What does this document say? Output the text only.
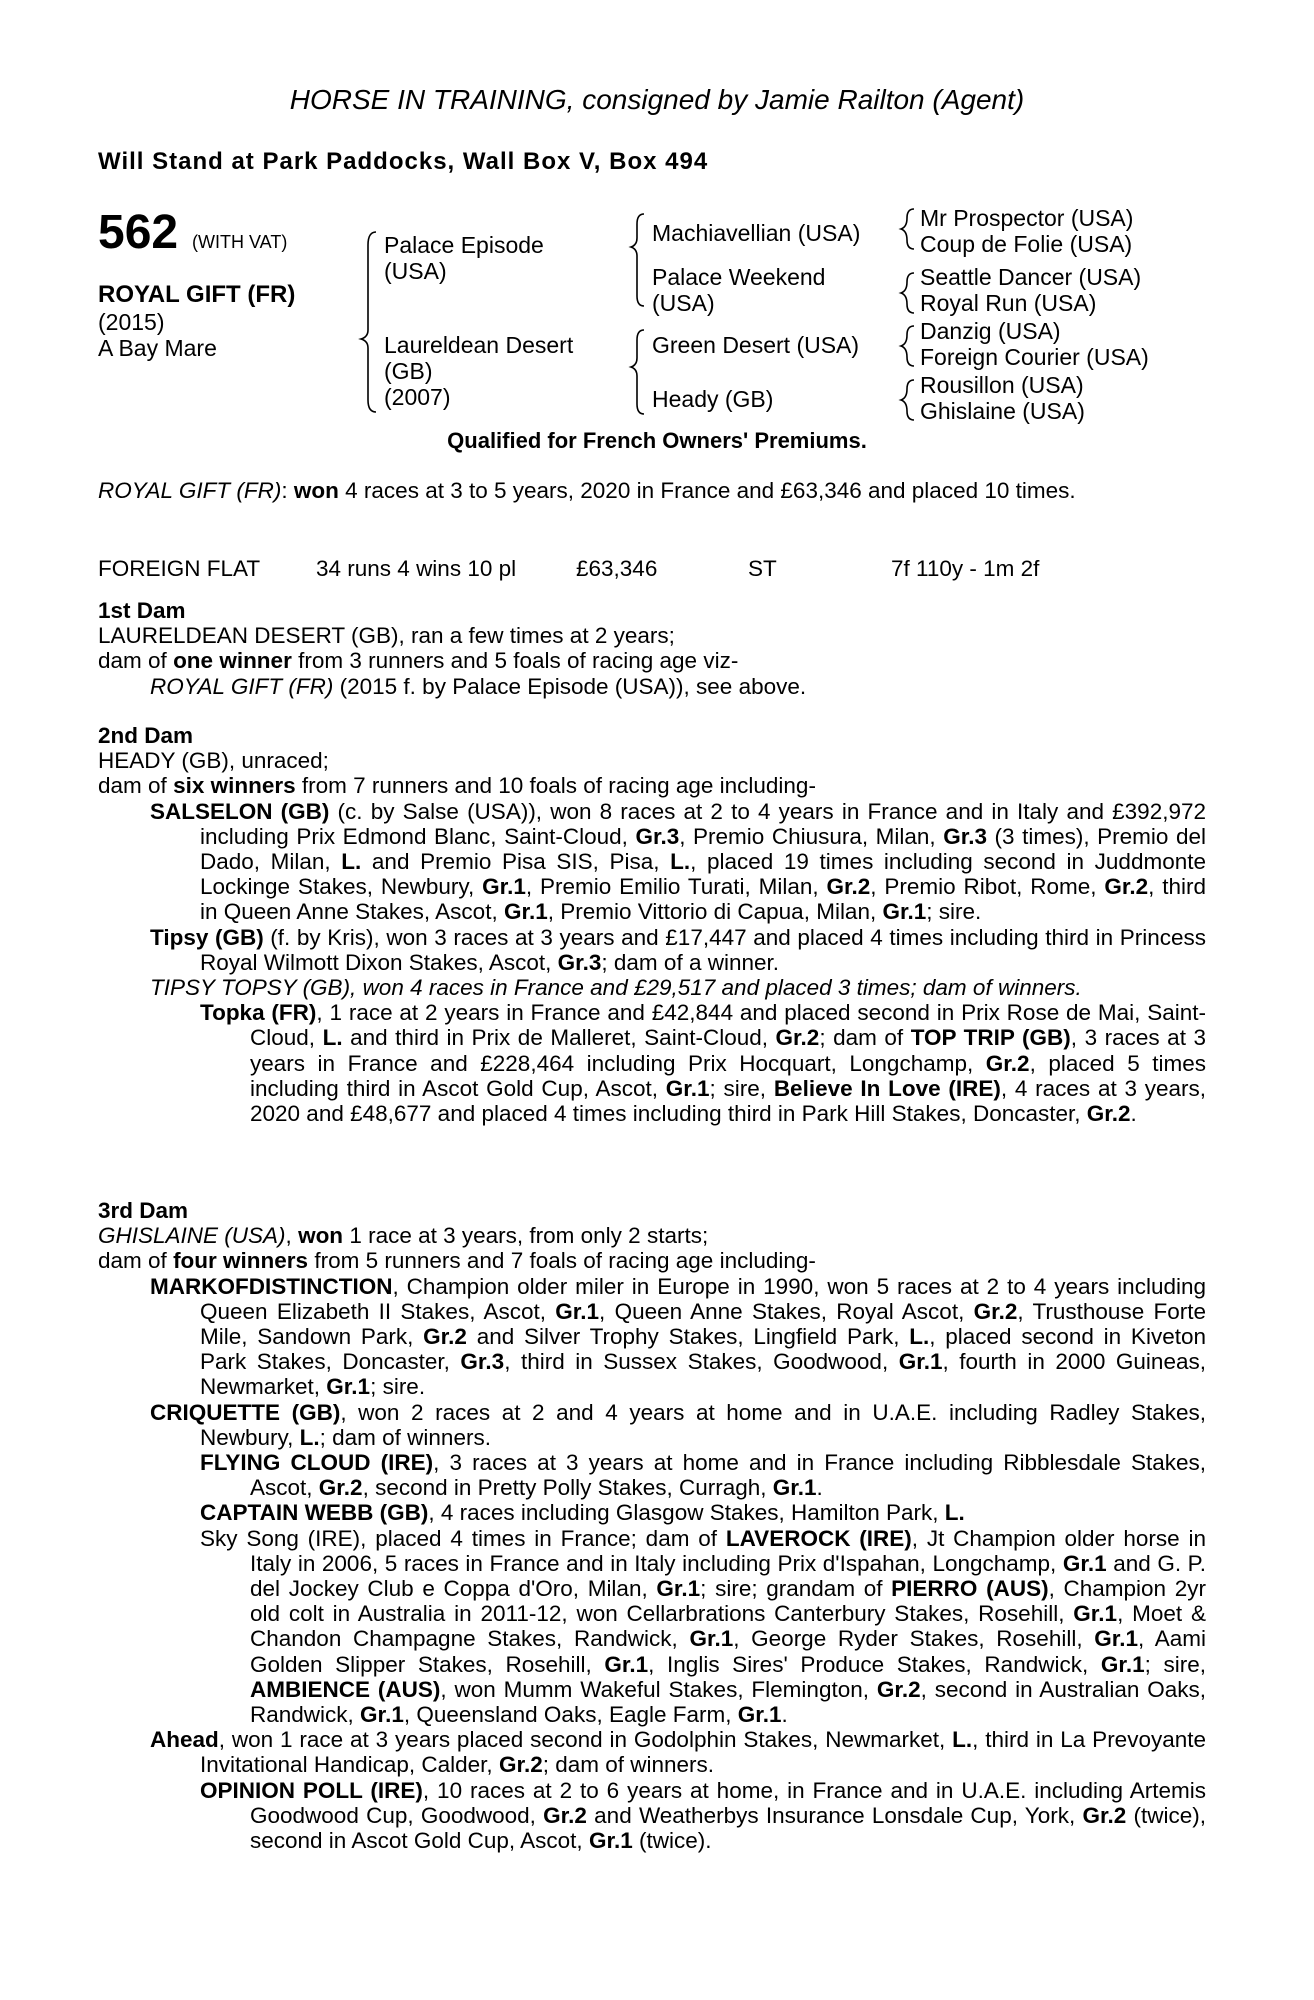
HORSE IN TRAINING, consigned by Jamie Railton (Agent)
Will Stand at Park Paddocks, Wall Box V, Box 494
562 (WITH VAT)
ROYAL GIFT (FR)
(2015)
A Bay Mare
Palace Episode
(USA)
Laureldean Desert
(GB)
(2007)
Machiavellian (USA)
Palace Weekend
(USA)
Green Desert (USA)
Heady (GB)
Mr Prospector (USA)
Coup de Folie (USA)
Seattle Dancer (USA)
Royal Run (USA)
Danzig (USA)
Foreign Courier (USA)
Rousillon (USA)
Ghislaine (USA)
Qualified for French Owners' Premiums.

ROYAL GIFT (FR): won 4 races at 3 to 5 years, 2020 in France and £63,346 and placed 10 times.

FOREIGN FLAT 34 runs 4 wins 10 pl	£63,346	ST	7f 110y - 1m 2f

1st Dam

LAURELDEAN DESERT (GB), ran a few times at 2 years;

dam of one winner from 3 runners and 5 foals of racing age viz-

ROYAL GIFT (FR) (2015 f. by Palace Episode (USA)), see above.

2nd Dam

HEADY (GB), unraced;

dam of six winners from 7 runners and 10 foals of racing age including-

SALSELON (GB) (c. by Salse (USA)), won 8 races at 2 to 4 years in France and in Italy and £392,972 including Prix Edmond Blanc, Saint-Cloud, Gr.3, Premio Chiusura, Milan, Gr.3 (3 times), Premio del Dado, Milan, L. and Premio Pisa SIS, Pisa, L., placed 19 times including second in Juddmonte Lockinge Stakes, Newbury, Gr.1, Premio Emilio Turati, Milan, Gr.2, Premio Ribot, Rome, Gr.2, third in Queen Anne Stakes, Ascot, Gr.1, Premio Vittorio di Capua, Milan, Gr.1; sire.

Tipsy (GB) (f. by Kris), won 3 races at 3 years and £17,447 and placed 4 times including third in Princess Royal Wilmott Dixon Stakes, Ascot, Gr.3; dam of a winner.

TIPSY TOPSY (GB), won 4 races in France and £29,517 and placed 3 times; dam of winners.

Topka (FR), 1 race at 2 years in France and £42,844 and placed second in Prix Rose de Mai, Saint-Cloud, L. and third in Prix de Malleret, Saint-Cloud, Gr.2; dam of TOP TRIP (GB), 3 races at 3 years in France and £228,464 including Prix Hocquart, Longchamp, Gr.2, placed 5 times including third in Ascot Gold Cup, Ascot, Gr.1; sire, Believe In Love (IRE), 4 races at 3 years, 2020 and £48,677 and placed 4 times including third in Park Hill Stakes, Doncaster, Gr.2.

3rd Dam

GHISLAINE (USA), won 1 race at 3 years, from only 2 starts;

dam of four winners from 5 runners and 7 foals of racing age including-

MARKOFDISTINCTION, Champion older miler in Europe in 1990, won 5 races at 2 to 4 years including Queen Elizabeth II Stakes, Ascot, Gr.1, Queen Anne Stakes, Royal Ascot, Gr.2, Trusthouse Forte Mile, Sandown Park, Gr.2 and Silver Trophy Stakes, Lingfield Park, L., placed second in Kiveton Park Stakes, Doncaster, Gr.3, third in Sussex Stakes, Goodwood, Gr.1, fourth in 2000 Guineas, Newmarket, Gr.1; sire.

CRIQUETTE (GB), won 2 races at 2 and 4 years at home and in U.A.E. including Radley Stakes, Newbury, L.; dam of winners.

FLYING CLOUD (IRE), 3 races at 3 years at home and in France including Ribblesdale Stakes, Ascot, Gr.2, second in Pretty Polly Stakes, Curragh, Gr.1.

CAPTAIN WEBB (GB), 4 races including Glasgow Stakes, Hamilton Park, L.

Sky Song (IRE), placed 4 times in France; dam of LAVEROCK (IRE), Jt Champion older horse in Italy in 2006, 5 races in France and in Italy including Prix d'Ispahan, Longchamp, Gr.1 and G. P. del Jockey Club e Coppa d'Oro, Milan, Gr.1; sire; grandam of PIERRO (AUS), Champion 2yr old colt in Australia in 2011-12, won Cellarbrations Canterbury Stakes, Rosehill, Gr.1, Moet & Chandon Champagne Stakes, Randwick, Gr.1, George Ryder Stakes, Rosehill, Gr.1, Aami Golden Slipper Stakes, Rosehill, Gr.1, Inglis Sires' Produce Stakes, Randwick, Gr.1; sire, AMBIENCE (AUS), won Mumm Wakeful Stakes, Flemington, Gr.2, second in Australian Oaks, Randwick, Gr.1, Queensland Oaks, Eagle Farm, Gr.1.

Ahead, won 1 race at 3 years placed second in Godolphin Stakes, Newmarket, L., third in La Prevoyante Invitational Handicap, Calder, Gr.2; dam of winners.

OPINION POLL (IRE), 10 races at 2 to 6 years at home, in France and in U.A.E. including Artemis Goodwood Cup, Goodwood, Gr.2 and Weatherbys Insurance Lonsdale Cup, York, Gr.2 (twice), second in Ascot Gold Cup, Ascot, Gr.1 (twice).
